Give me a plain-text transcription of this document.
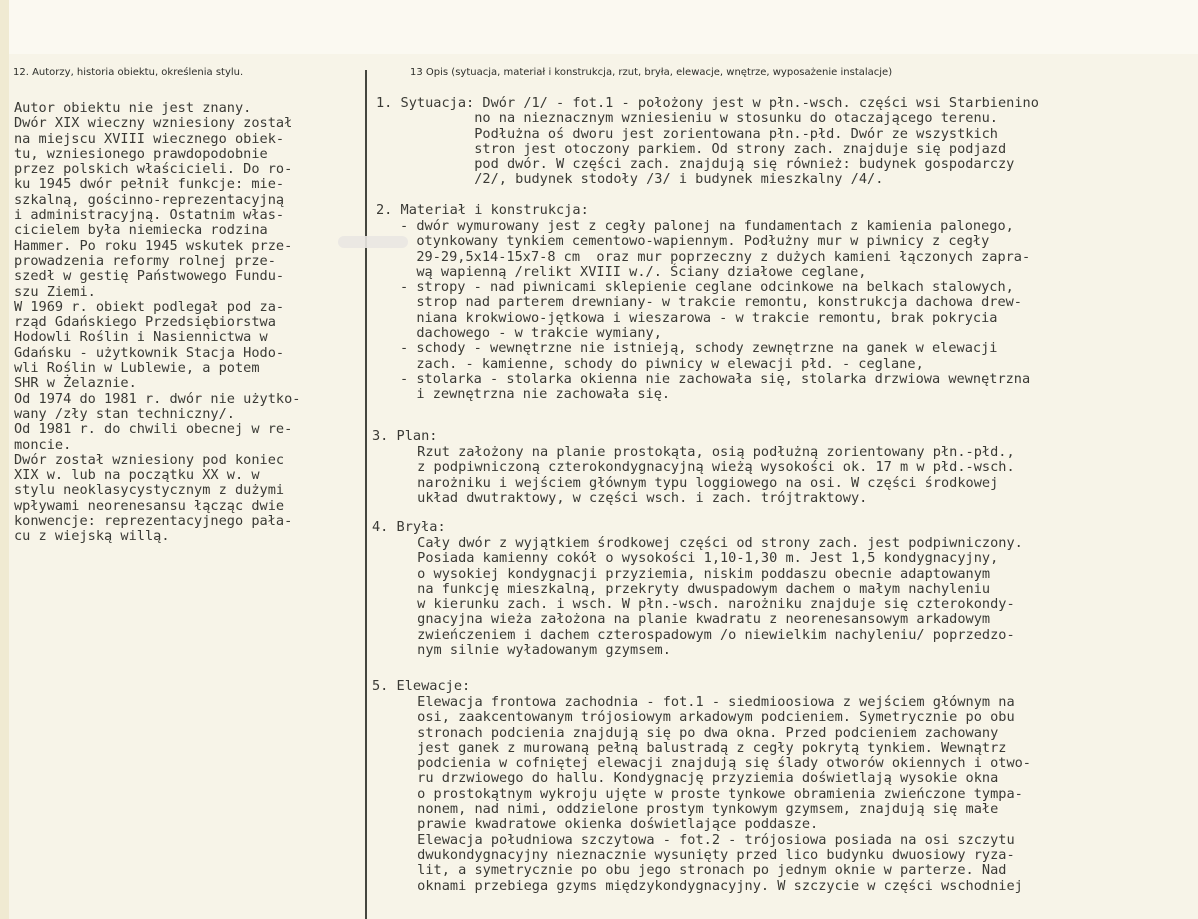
12. Autorzy, historia obiektu, określenia stylu.	13 Opis (sytuacja, materiał i konstrukcja, rzut, bryła, elewacje, wnętrze, wyposażenie instalacje)
Autor obiektu nie jest znany.
Dwór XIX wieczny wzniesiony został
na miejscu XVIII wiecznego obiek-
tu, wzniesionego prawdopodobnie
przez polskich właścicieli. Do ro-
ku 1945 dwór pełnił funkcje: mie-
szkalną, gościnno-reprezentacyjną
i administracyjną. Ostatnim włas-
cicielem była niemiecka rodzina
Hammer. Po roku 1945 wskutek prze-
prowadzenia reformy rolnej prze-
szedł w gestię Państwowego Fundu-
szu Ziemi.
W 1969 r. obiekt podlegał pod za-
rząd Gdańskiego Przedsiębiorstwa
Hodowli Roślin i Nasiennictwa w
Gdańsku - użytkownik Stacja Hodo-
wli Roślin w Lublewie, a potem
SHR w Żelaznie.
Od 1974 do 1981 r. dwór nie użytko-
wany /zły stan techniczny/.
Od 1981 r. do chwili obecnej w re-
moncie.
Dwór został wzniesiony pod koniec
XIX w. lub na początku XX w. w
stylu neoklasycystycznym z dużymi
wpływami neorenesansu łącząc dwie
konwencje: reprezentacyjnego pała-
cu z wiejską willą.
1. Sytuacja: Dwór /1/ - fot.1 - położony jest w płn.-wsch. części wsi Starbienino
no na nieznacznym wzniesieniu w stosunku do otaczającego terenu.
Podłużna oś dworu jest zorientowana płn.-płd. Dwór ze wszystkich
stron jest otoczony parkiem. Od strony zach. znajduje się podjazd
pod dwór. W części zach. znajdują się również: budynek gospodarczy
/2/, budynek stodoły /3/ i budynek mieszkalny /4/.
2. Materiał i konstrukcja:
- dwór wymurowany jest z cegły palonej na fundamentach z kamienia palonego,
otynkowany tynkiem cementowo-wapiennym. Podłużny mur w piwnicy z cegły
29-29,5x14-15x7-8 cm  oraz mur poprzeczny z dużych kamieni łączonych zapra-
wą wapienną /relikt XVIII w./. Ściany działowe ceglane,
- stropy - nad piwnicami sklepienie ceglane odcinkowe na belkach stalowych,
strop nad parterem drewniany- w trakcie remontu, konstrukcja dachowa drew-
niana krokwiowo-jętkowa i wieszarowa - w trakcie remontu, brak pokrycia
dachowego - w trakcie wymiany,
- schody - wewnętrzne nie istnieją, schody zewnętrzne na ganek w elewacji
zach. - kamienne, schody do piwnicy w elewacji płd. - ceglane,
- stolarka - stolarka okienna nie zachowała się, stolarka drzwiowa wewnętrzna
i zewnętrzna nie zachowała się.
3. Plan:
Rzut założony na planie prostokąta, osią podłużną zorientowany płn.-płd.,
z podpiwniczoną czterokondygnacyjną wieżą wysokości ok. 17 m w płd.-wsch.
narożniku i wejściem głównym typu loggiowego na osi. W części środkowej
układ dwutraktowy, w części wsch. i zach. trójtraktowy.
4. Bryła:
Cały dwór z wyjątkiem środkowej części od strony zach. jest podpiwniczony.
Posiada kamienny cokół o wysokości 1,10-1,30 m. Jest 1,5 kondygnacyjny,
o wysokiej kondygnacji przyziemia, niskim poddaszu obecnie adaptowanym
na funkcję mieszkalną, przekryty dwuspadowym dachem o małym nachyleniu
w kierunku zach. i wsch. W płn.-wsch. narożniku znajduje się czterokondy-
gnacyjna wieża założona na planie kwadratu z neorenesansowym arkadowym
zwieńczeniem i dachem czterospadowym /o niewielkim nachyleniu/ poprzedzo-
nym silnie wyładowanym gzymsem.
5. Elewacje:
Elewacja frontowa zachodnia - fot.1 - siedmioosiowa z wejściem głównym na
osi, zaakcentowanym trójosiowym arkadowym podcieniem. Symetrycznie po obu
stronach podcienia znajdują się po dwa okna. Przed podcieniem zachowany
jest ganek z murowaną pełną balustradą z cegły pokrytą tynkiem. Wewnątrz
podcienia w cofniętej elewacji znajdują się ślady otworów okiennych i otwo-
ru drzwiowego do hallu. Kondygnację przyziemia doświetlają wysokie okna
o prostokątnym wykroju ujęte w proste tynkowe obramienia zwieńczone tympa-
nonem, nad nimi, oddzielone prostym tynkowym gzymsem, znajdują się małe
prawie kwadratowe okienka doświetlające poddasze.
Elewacja południowa szczytowa - fot.2 - trójosiowa posiada na osi szczytu
dwukondygnacyjny nieznacznie wysunięty przed lico budynku dwuosiowy ryza-
lit, a symetrycznie po obu jego stronach po jednym oknie w parterze. Nad
oknami przebiega gzyms międzykondygnacyjny. W szczycie w części wschodniej
